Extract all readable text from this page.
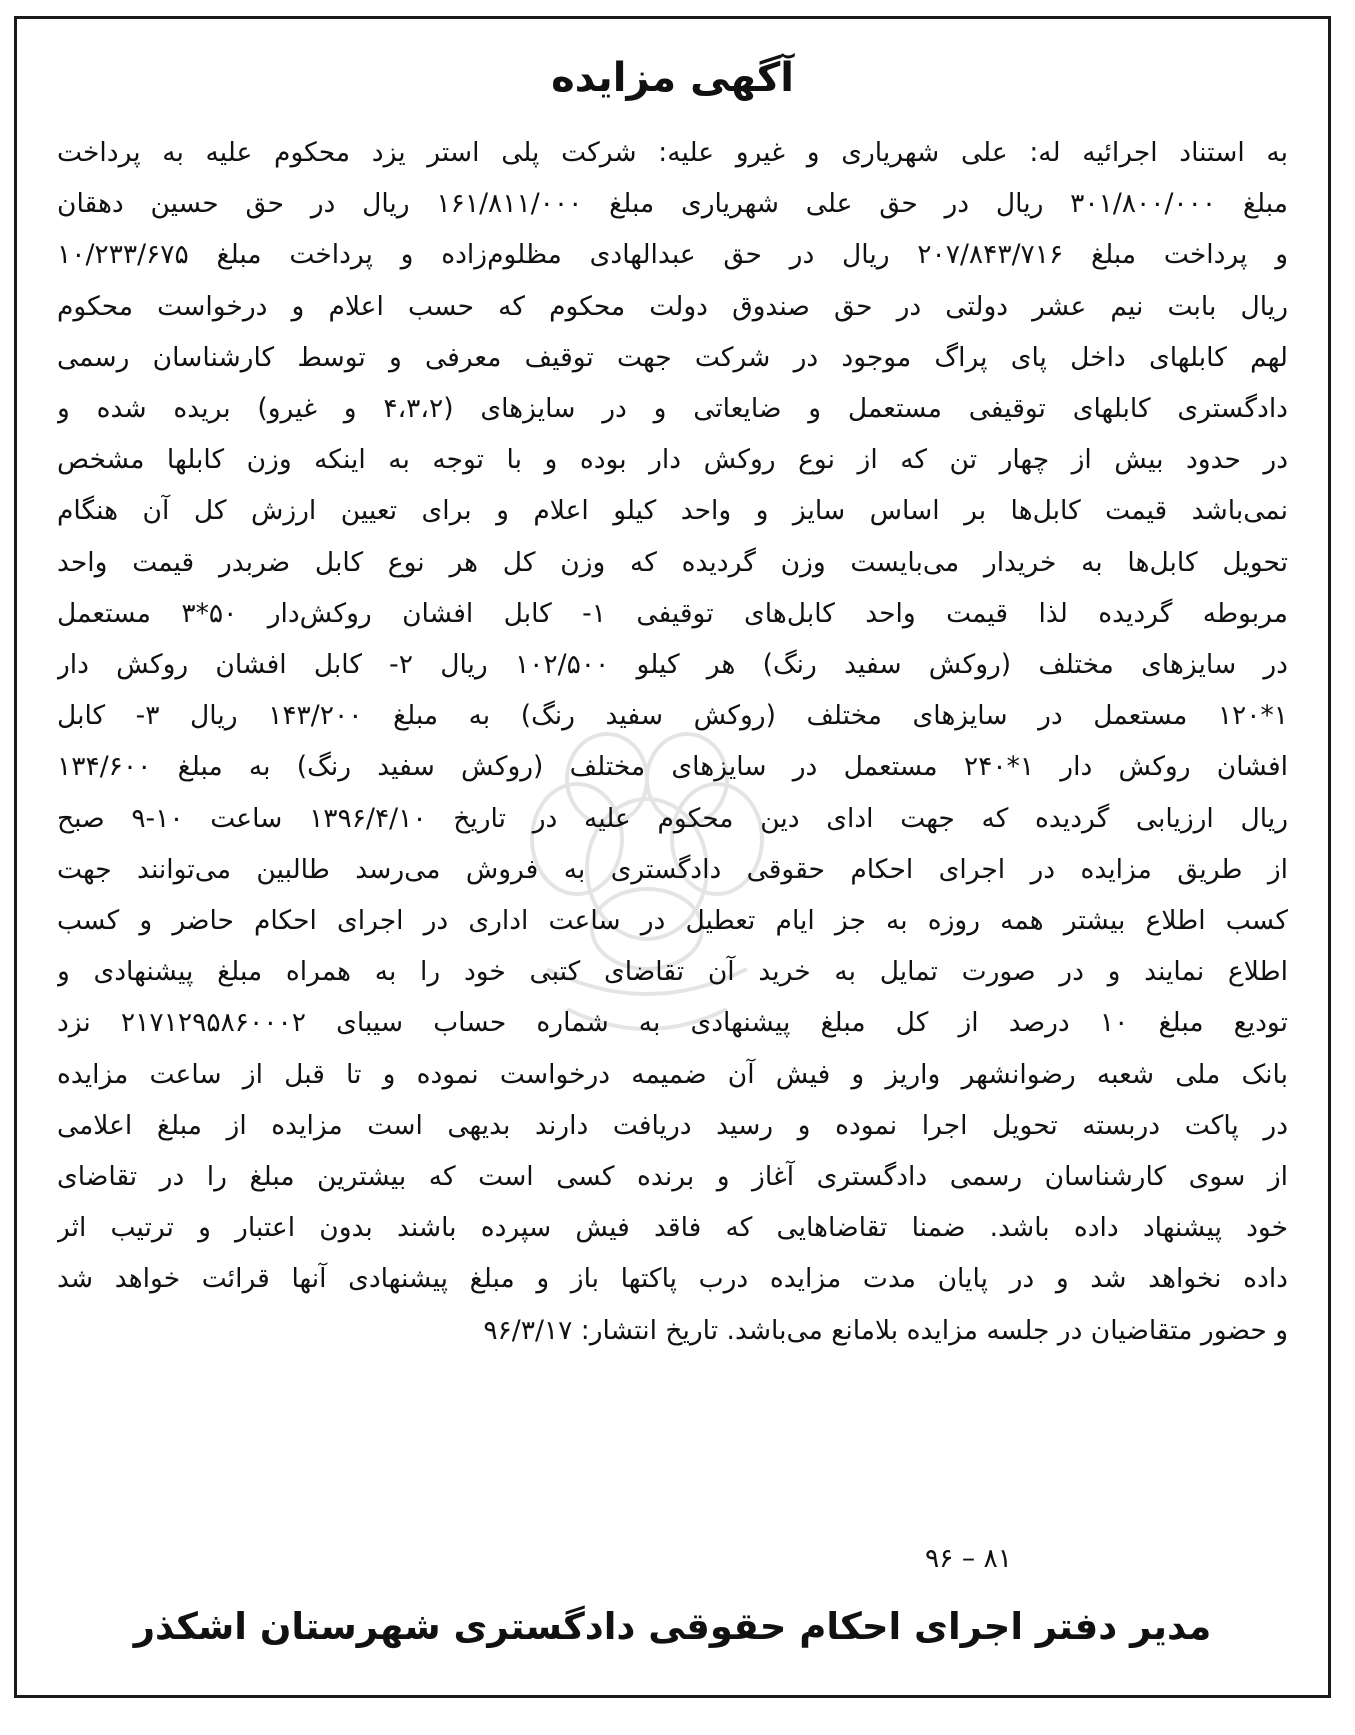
آگهی مزایده
به استناد اجرائیه له: علی شهریاری و غیرو علیه: شرکت پلی استر یزد محکوم علیه به پرداخت
مبلغ ۳۰۱/۸۰۰/۰۰۰ ریال در حق علی شهریاری مبلغ ۱۶۱/۸۱۱/۰۰۰ ریال در حق حسین دهقان
و پرداخت مبلغ ۲۰۷/۸۴۳/۷۱۶ ریال در حق عبدالهادی مظلوم‌زاده و پرداخت مبلغ ۱۰/۲۳۳/۶۷۵
ریال بابت نیم عشر دولتی در حق صندوق دولت محکوم که حسب اعلام و درخواست محکوم
لهم کابلهای داخل پای پراگ موجود در شرکت جهت توقیف معرفی و توسط کارشناسان رسمی
دادگستری کابلهای توقیفی مستعمل و ضایعاتی و در سایزهای (۴،۳،۲ و غیرو) بریده شده و
در حدود بیش از چهار تن که از نوع روکش دار بوده و با توجه به اینکه وزن کابلها مشخص
نمی‌باشد قیمت کابل‌ها بر اساس سایز و واحد کیلو اعلام و برای تعیین ارزش کل آن هنگام
تحویل کابل‌ها به خریدار می‌بایست وزن گردیده که وزن کل هر نوع کابل ضربدر قیمت واحد
مربوطه گردیده لذا قیمت واحد کابل‌های توقیفی ۱- کابل افشان روکش‌دار ۵۰*۳ مستعمل
در سایزهای مختلف (روکش سفید رنگ) هر کیلو ۱۰۲/۵۰۰ ریال ۲- کابل افشان روکش دار
۱*۱۲۰ مستعمل در سایزهای مختلف (روکش سفید رنگ) به مبلغ ۱۴۳/۲۰۰ ریال ۳- کابل
افشان روکش دار ۱*۲۴۰ مستعمل در سایزهای مختلف (روکش سفید رنگ) به مبلغ ۱۳۴/۶۰۰
ریال ارزیابی گردیده که جهت ادای دین محکوم علیه در تاریخ ۱۳۹۶/۴/۱۰ ساعت ۱۰-۹ صبح
از طریق مزایده در اجرای احکام حقوقی دادگستری به فروش می‌رسد طالبین می‌توانند جهت
کسب اطلاع بیشتر همه روزه به جز ایام تعطیل در ساعت اداری در اجرای احکام حاضر و کسب
اطلاع نمایند و در صورت تمایل به خرید آن تقاضای کتبی خود را به همراه مبلغ پیشنهادی و
تودیع مبلغ ۱۰ درصد از کل مبلغ پیشنهادی به شماره حساب سیبای ۲۱۷۱۲۹۵۸۶۰۰۰۲ نزد
بانک ملی شعبه رضوانشهر واریز و فیش آن ضمیمه درخواست نموده و تا قبل از ساعت مزایده
در پاکت دربسته تحویل اجرا نموده و رسید دریافت دارند بدیهی است مزایده از مبلغ اعلامی
از سوی کارشناسان رسمی دادگستری آغاز و برنده کسی است که بیشترین مبلغ را در تقاضای
خود پیشنهاد داده باشد. ضمنا تقاضاهایی که فاقد فیش سپرده باشند بدون اعتبار و ترتیب اثر
داده نخواهد شد و در پایان مدت مزایده درب پاکتها باز و مبلغ پیشنهادی آنها قرائت خواهد شد
و حضور متقاضیان در جلسه مزایده بلامانع می‌باشد. تاریخ انتشار: ۹۶/۳/۱۷
۸۱ – ۹۶
مدیر دفتر اجرای احکام حقوقی دادگستری شهرستان اشکذر
